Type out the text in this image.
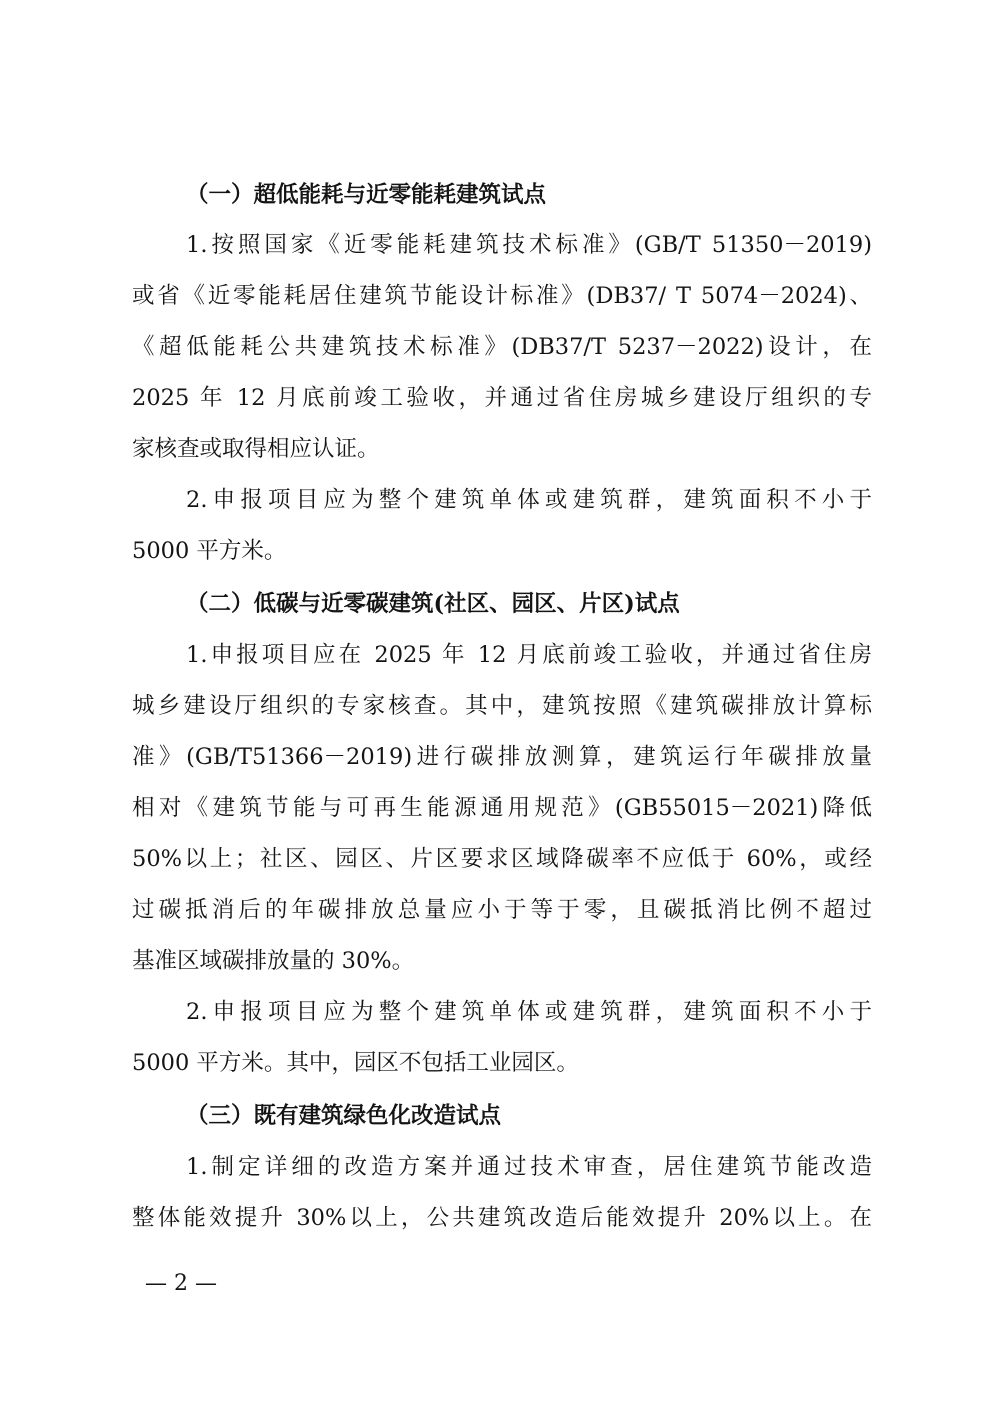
（一）超低能耗与近零能耗建筑试点
1.按照国家《近零能耗建筑技术标准》(GB/T 51350－2019)
或省《近零能耗居住建筑节能设计标准》(DB37/ T 5074－2024)、
《超低能耗公共建筑技术标准》(DB37/T 5237－2022)设计，在
2025 年 12 月底前竣工验收，并通过省住房城乡建设厅组织的专
家核查或取得相应认证。
2.申报项目应为整个建筑单体或建筑群，建筑面积不小于
5000 平方米。
（二）低碳与近零碳建筑(社区、园区、片区)试点
1.申报项目应在 2025 年 12 月底前竣工验收，并通过省住房
城乡建设厅组织的专家核查。其中，建筑按照《建筑碳排放计算标
准》(GB/T51366－2019)进行碳排放测算，建筑运行年碳排放量
相对《建筑节能与可再生能源通用规范》(GB55015－2021)降低
50%以上；社区、园区、片区要求区域降碳率不应低于 60%，或经
过碳抵消后的年碳排放总量应小于等于零，且碳抵消比例不超过
基准区域碳排放量的 30%。
2.申报项目应为整个建筑单体或建筑群，建筑面积不小于
5000 平方米。其中，园区不包括工业园区。
（三）既有建筑绿色化改造试点
1.制定详细的改造方案并通过技术审查，居住建筑节能改造
整体能效提升 30%以上，公共建筑改造后能效提升 20%以上。在
— 2 —
